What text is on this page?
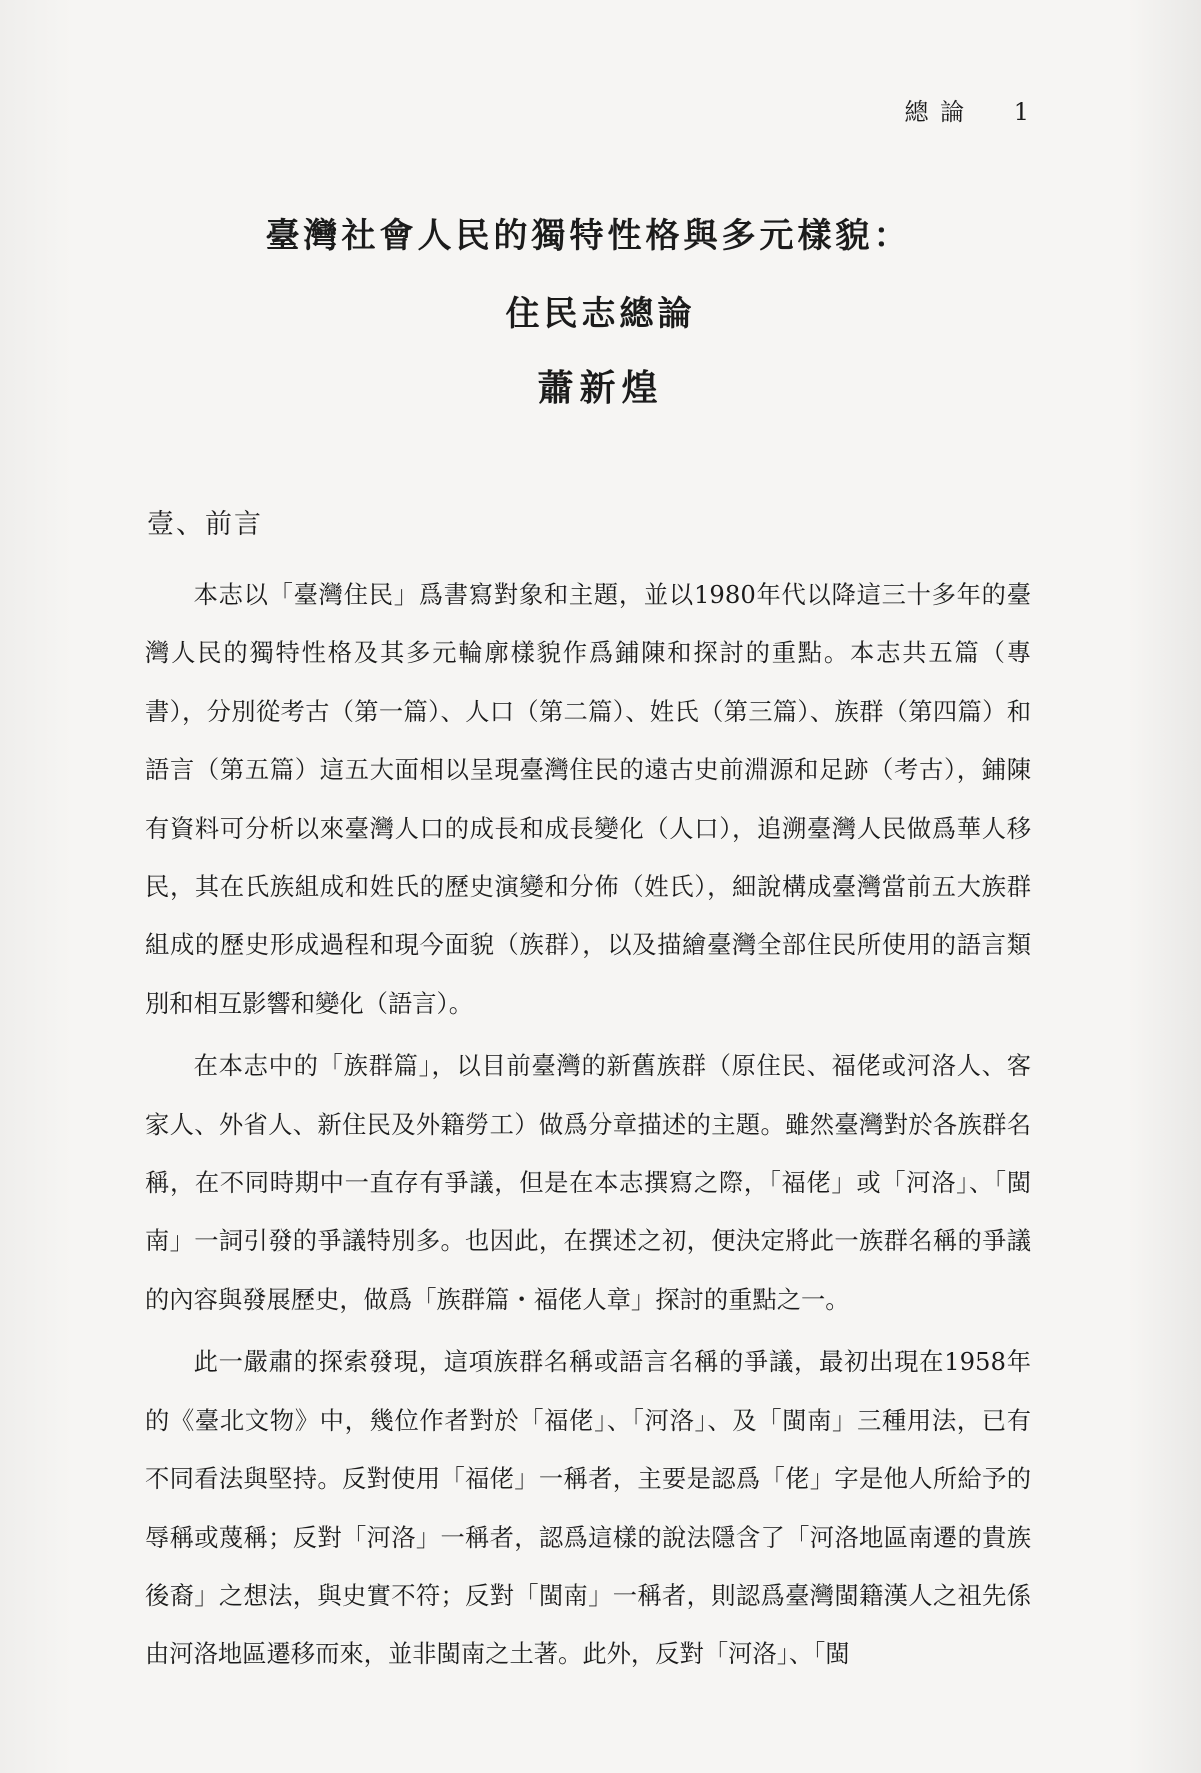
總 論 1
臺灣社會人民的獨特性格與多元樣貌：
住民志總論
蕭新煌
壹、前言

本志以「臺灣住民」爲書寫對象和主題，並以1980年代以降這三十多年的臺灣人民的獨特性格及其多元輪廓樣貌作爲鋪陳和探討的重點。本志共五篇（專書），分別從考古（第一篇）、人口（第二篇）、姓氏（第三篇）、族群（第四篇）和語言（第五篇）這五大面相以呈現臺灣住民的遠古史前淵源和足跡（考古），鋪陳有資料可分析以來臺灣人口的成長和成長變化（人口），追溯臺灣人民做爲華人移民，其在氏族組成和姓氏的歷史演變和分佈（姓氏），細說構成臺灣當前五大族群組成的歷史形成過程和現今面貌（族群），以及描繪臺灣全部住民所使用的語言類別和相互影響和變化（語言）。

在本志中的「族群篇」，以目前臺灣的新舊族群（原住民、福佬或河洛人、客家人、外省人、新住民及外籍勞工）做爲分章描述的主題。雖然臺灣對於各族群名稱，在不同時期中一直存有爭議，但是在本志撰寫之際，「福佬」或「河洛」、「閩南」一詞引發的爭議特別多。也因此，在撰述之初，便決定將此一族群名稱的爭議的內容與發展歷史，做爲「族群篇・福佬人章」探討的重點之一。

此一嚴肅的探索發現，這項族群名稱或語言名稱的爭議，最初出現在1958年的《臺北文物》中，幾位作者對於「福佬」、「河洛」、及「閩南」三種用法，已有不同看法與堅持。反對使用「福佬」一稱者，主要是認爲「佬」字是他人所給予的辱稱或蔑稱；反對「河洛」一稱者，認爲這樣的說法隱含了「河洛地區南遷的貴族後裔」之想法，與史實不符；反對「閩南」一稱者，則認爲臺灣閩籍漢人之祖先係由河洛地區遷移而來，並非閩南之土著。此外，反對「河洛」、「閩
